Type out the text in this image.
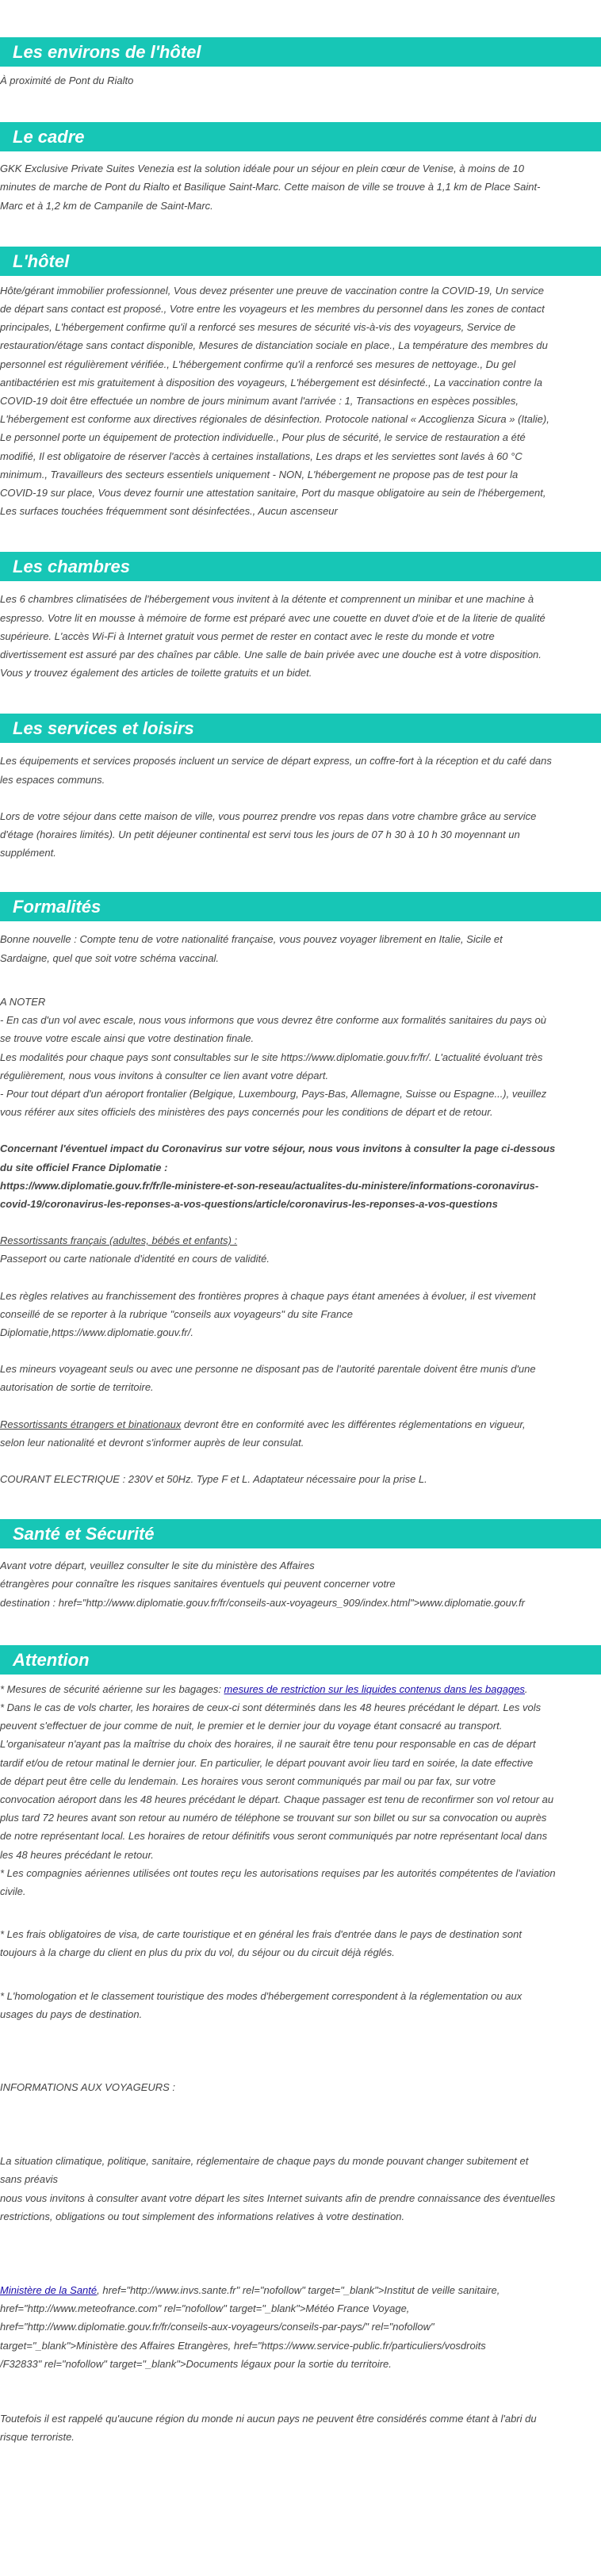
Les environs de l'hôtel

À proximité de Pont du Rialto

Le cadre

GKK Exclusive Private Suites Venezia est la solution idéale pour un séjour en plein cœur de Venise, à moins de 10

minutes de marche de Pont du Rialto et Basilique Saint-Marc. Cette maison de ville se trouve à 1,1 km de Place Saint-

Marc et à 1,2 km de Campanile de Saint-Marc.

L'hôtel

Hôte/gérant immobilier professionnel, Vous devez présenter une preuve de vaccination contre la COVID-19, Un service

de départ sans contact est proposé., Votre entre les voyageurs et les membres du personnel dans les zones de contact

principales, L'hébergement confirme qu'il a renforcé ses mesures de sécurité vis-à-vis des voyageurs, Service de

restauration/étage sans contact disponible, Mesures de distanciation sociale en place., La température des membres du

personnel est régulièrement vérifiée., L'hébergement confirme qu'il a renforcé ses mesures de nettoyage., Du gel

antibactérien est mis gratuitement à disposition des voyageurs, L'hébergement est désinfecté., La vaccination contre la

COVID-19 doit être effectuée un nombre de jours minimum avant l'arrivée : 1, Transactions en espèces possibles,

L'hébergement est conforme aux directives régionales de désinfection. Protocole national « Accoglienza Sicura » (Italie),

Le personnel porte un équipement de protection individuelle., Pour plus de sécurité, le service de restauration a été

modifié, Il est obligatoire de réserver l'accès à certaines installations, Les draps et les serviettes sont lavés à 60 °C

minimum., Travailleurs des secteurs essentiels uniquement - NON, L'hébergement ne propose pas de test pour la

COVID-19 sur place, Vous devez fournir une attestation sanitaire, Port du masque obligatoire au sein de l'hébergement,

Les surfaces touchées fréquemment sont désinfectées., Aucun ascenseur

Les chambres

Les 6 chambres climatisées de l'hébergement vous invitent à la détente et comprennent un minibar et une machine à

espresso. Votre lit en mousse à mémoire de forme est préparé avec une couette en duvet d'oie et de la literie de qualité

supérieure. L'accès Wi-Fi à Internet gratuit vous permet de rester en contact avec le reste du monde et votre

divertissement est assuré par des chaînes par câble. Une salle de bain privée avec une douche est à votre disposition.

Vous y trouvez également des articles de toilette gratuits et un bidet.

Les services et loisirs

Les équipements et services proposés incluent un service de départ express, un coffre-fort à la réception et du café dans

les espaces communs.

Lors de votre séjour dans cette maison de ville, vous pourrez prendre vos repas dans votre chambre grâce au service

d'étage (horaires limités). Un petit déjeuner continental est servi tous les jours de 07 h 30 à 10 h 30 moyennant un

supplément.

Formalités

Bonne nouvelle : Compte tenu de votre nationalité française, vous pouvez voyager librement en Italie, Sicile et

Sardaigne, quel que soit votre schéma vaccinal.

A NOTER

- En cas d'un vol avec escale, nous vous informons que vous devrez être conforme aux formalités sanitaires du pays où

se trouve votre escale ainsi que votre destination finale.

Les modalités pour chaque pays sont consultables sur le site https://www.diplomatie.gouv.fr/fr/. L'actualité évoluant très

régulièrement, nous vous invitons à consulter ce lien avant votre départ.

- Pour tout départ d'un aéroport frontalier (Belgique, Luxembourg, Pays-Bas, Allemagne, Suisse ou Espagne...), veuillez

vous référer aux sites officiels des ministères des pays concernés pour les conditions de départ et de retour.

Concernant l'éventuel impact du Coronavirus sur votre séjour, nous vous invitons à consulter la page ci-dessous

du site officiel France Diplomatie :

https://www.diplomatie.gouv.fr/fr/le-ministere-et-son-reseau/actualites-du-ministere/informations-coronavirus-

covid-19/coronavirus-les-reponses-a-vos-questions/article/coronavirus-les-reponses-a-vos-questions

Ressortissants français (adultes, bébés et enfants) :

Passeport ou carte nationale d'identité en cours de validité.

Les règles relatives au franchissement des frontières propres à chaque pays étant amenées à évoluer, il est vivement

conseillé de se reporter à la rubrique "conseils aux voyageurs" du site France

Diplomatie,https://www.diplomatie.gouv.fr/.

Les mineurs voyageant seuls ou avec une personne ne disposant pas de l'autorité parentale doivent être munis d'une

autorisation de sortie de territoire.

Ressortissants étrangers et binationaux devront être en conformité avec les différentes réglementations en vigueur,

selon leur nationalité et devront s'informer auprès de leur consulat.

COURANT ELECTRIQUE : 230V et 50Hz. Type F et L. Adaptateur nécessaire pour la prise L.

Santé et Sécurité

Avant votre départ, veuillez consulter le site du ministère des Affaires

étrangères pour connaître les risques sanitaires éventuels qui peuvent concerner votre

destination : href="http://www.diplomatie.gouv.fr/fr/conseils-aux-voyageurs_909/index.html">www.diplomatie.gouv.fr

Attention

* Mesures de sécurité aérienne sur les bagages: mesures de restriction sur les liquides contenus dans les bagages.

* Dans le cas de vols charter, les horaires de ceux-ci sont déterminés dans les 48 heures précédant le départ. Les vols

peuvent s'effectuer de jour comme de nuit, le premier et le dernier jour du voyage étant consacré au transport.

L'organisateur n'ayant pas la maîtrise du choix des horaires, il ne saurait être tenu pour responsable en cas de départ

tardif et/ou de retour matinal le dernier jour. En particulier, le départ pouvant avoir lieu tard en soirée, la date effective

de départ peut être celle du lendemain. Les horaires vous seront communiqués par mail ou par fax, sur votre

convocation aéroport dans les 48 heures précédant le départ. Chaque passager est tenu de reconfirmer son vol retour au

plus tard 72 heures avant son retour au numéro de téléphone se trouvant sur son billet ou sur sa convocation ou auprès

de notre représentant local. Les horaires de retour définitifs vous seront communiqués par notre représentant local dans

les 48 heures précédant le retour.

* Les compagnies aériennes utilisées ont toutes reçu les autorisations requises par les autorités compétentes de l'aviation

civile.

* Les frais obligatoires de visa, de carte touristique et en général les frais d'entrée dans le pays de destination sont

toujours à la charge du client en plus du prix du vol, du séjour ou du circuit déjà réglés.

* L'homologation et le classement touristique des modes d'hébergement correspondent à la réglementation ou aux

usages du pays de destination.

INFORMATIONS AUX VOYAGEURS :

La situation climatique, politique, sanitaire, réglementaire de chaque pays du monde pouvant changer subitement et

sans préavis

nous vous invitons à consulter avant votre départ les sites Internet suivants afin de prendre connaissance des éventuelles

restrictions, obligations ou tout simplement des informations relatives à votre destination.

Ministère de la Santé, href="http://www.invs.sante.fr" rel="nofollow" target="_blank">Institut de veille sanitaire,

href="http://www.meteofrance.com" rel="nofollow" target="_blank">Météo France Voyage,

href="http://www.diplomatie.gouv.fr/fr/conseils-aux-voyageurs/conseils-par-pays/" rel="nofollow"

target="_blank">Ministère des Affaires Etrangères, href="https://www.service-public.fr/particuliers/vosdroits

/F32833" rel="nofollow" target="_blank">Documents légaux pour la sortie du territoire.

Toutefois il est rappelé qu'aucune région du monde ni aucun pays ne peuvent être considérés comme étant à l'abri du

risque terroriste.
